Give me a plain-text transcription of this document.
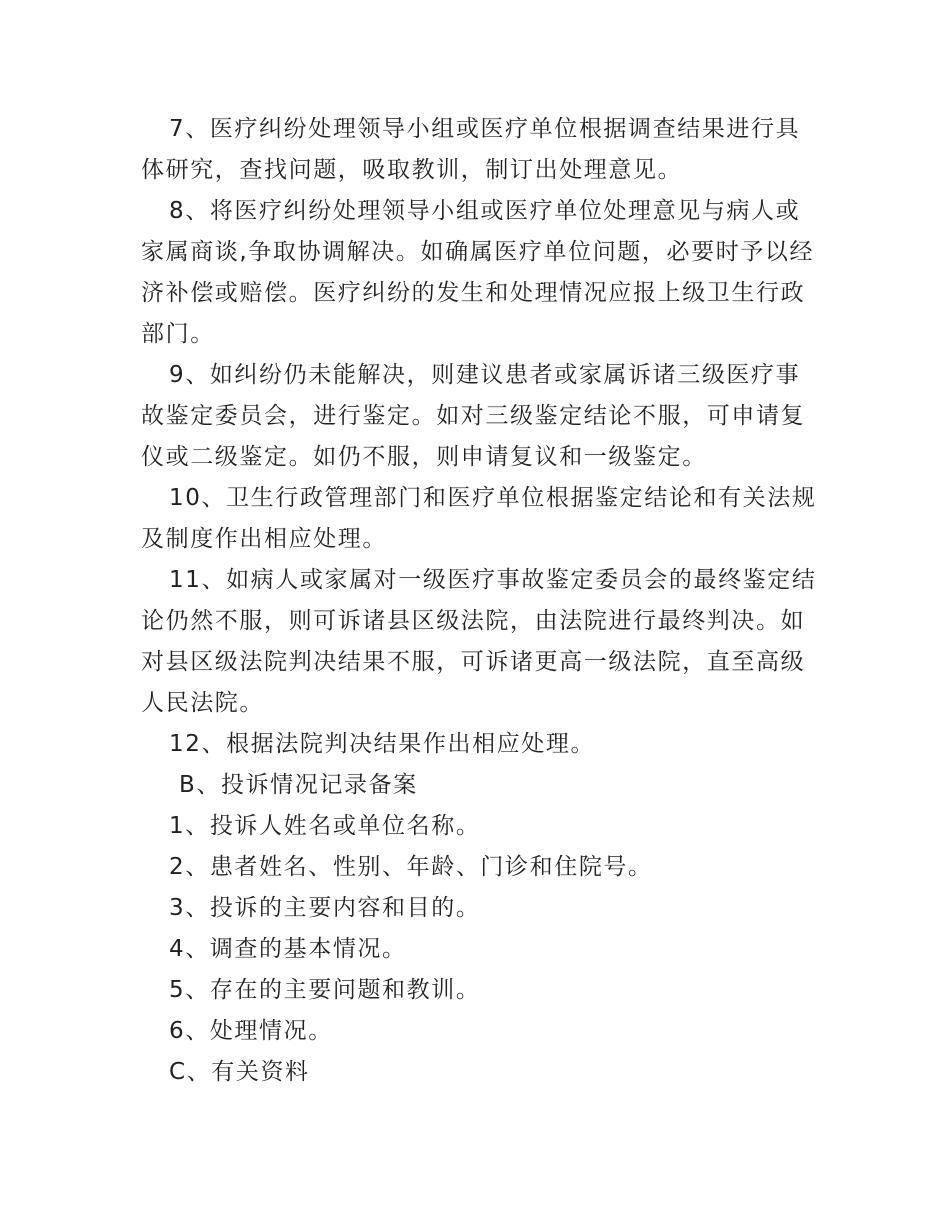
7、医疗纠纷处理领导小组或医疗单位根据调查结果进行具体研究，查找问题，吸取教训，制订出处理意见。

8、将医疗纠纷处理领导小组或医疗单位处理意见与病人或家属商谈,争取协调解决。如确属医疗单位问题，必要时予以经济补偿或赔偿。医疗纠纷的发生和处理情况应报上级卫生行政部门。

9、如纠纷仍未能解决，则建议患者或家属诉诸三级医疗事故鉴定委员会，进行鉴定。如对三级鉴定结论不服，可申请复仪或二级鉴定。如仍不服，则申请复议和一级鉴定。

10、卫生行政管理部门和医疗单位根据鉴定结论和有关法规及制度作出相应处理。

11、如病人或家属对一级医疗事故鉴定委员会的最终鉴定结论仍然不服，则可诉诸县区级法院，由法院进行最终判决。如对县区级法院判决结果不服，可诉诸更高一级法院，直至高级人民法院。

12、根据法院判决结果作出相应处理。

B、投诉情况记录备案

1、投诉人姓名或单位名称。

2、患者姓名、性别、年龄、门诊和住院号。

3、投诉的主要内容和目的。

4、调查的基本情况。

5、存在的主要问题和教训。

6、处理情况。

C、有关资料
